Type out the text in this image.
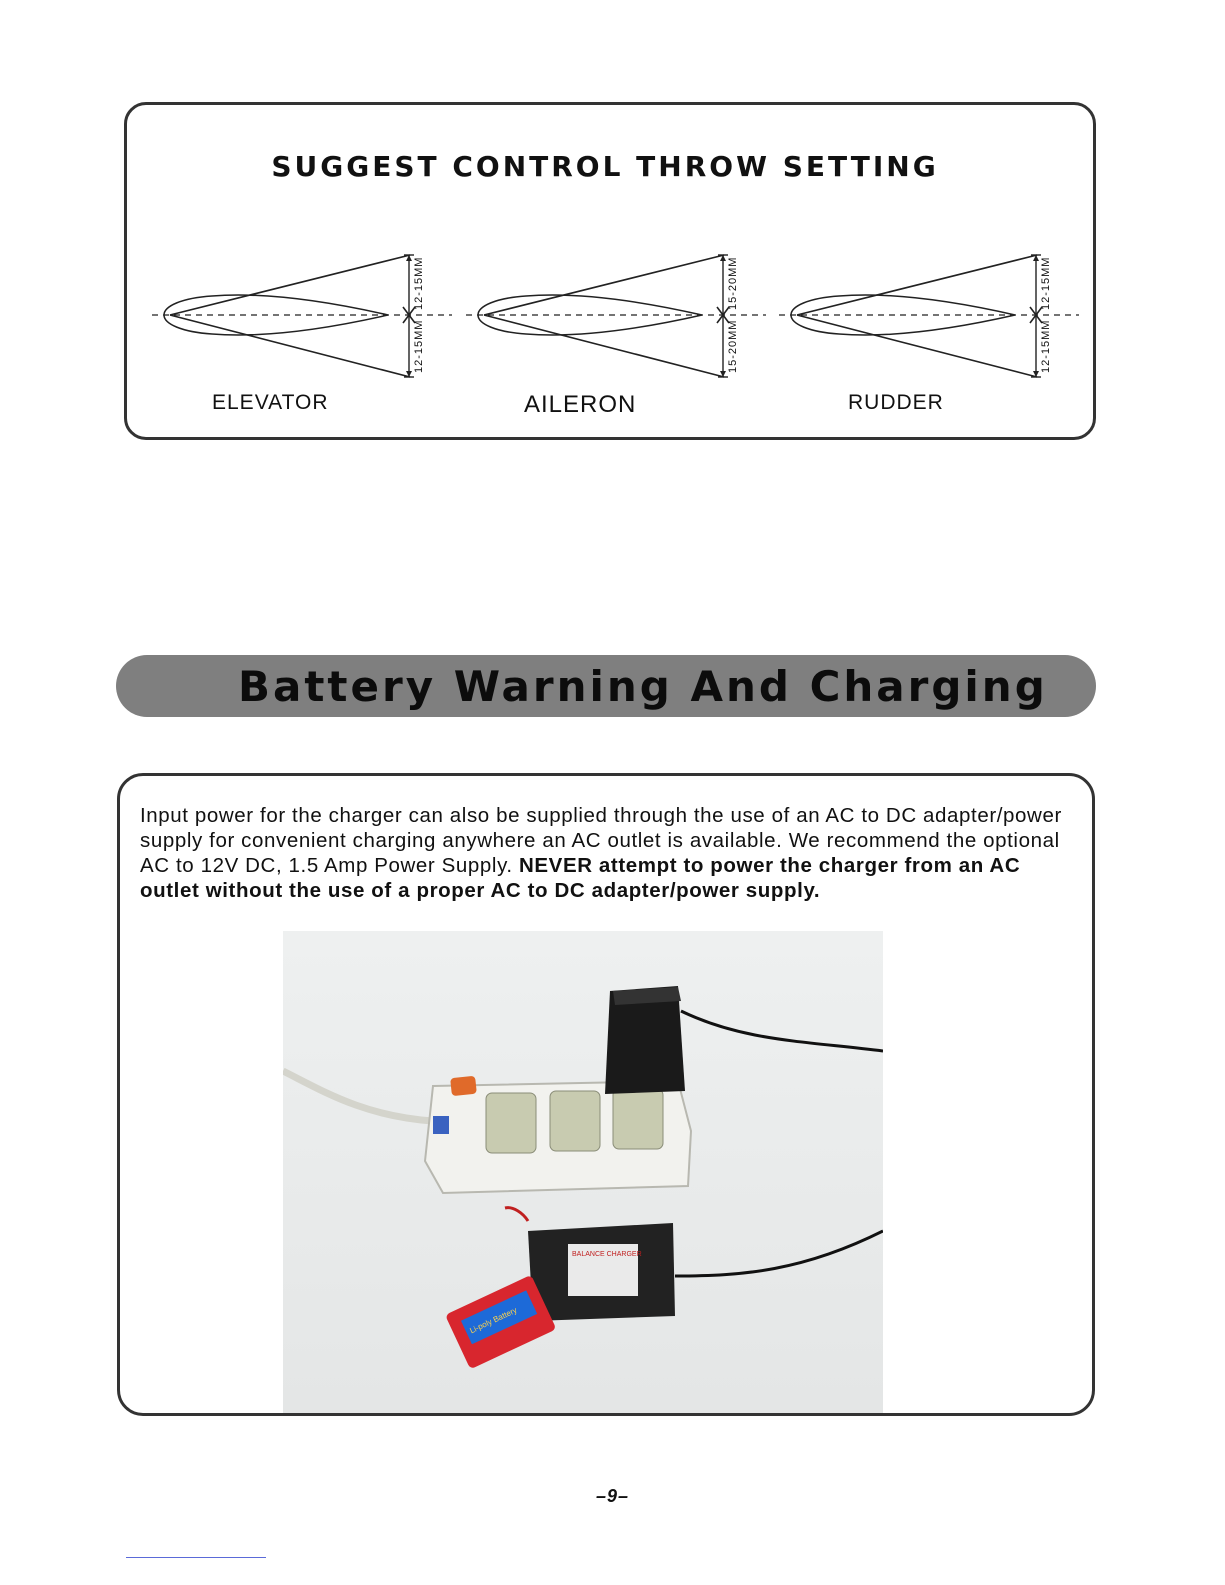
SUGGEST CONTROL THROW SETTING
12-15MM
12-15MM
15-20MM
15-20MM
12-15MM
12-15MM
ELEVATOR	AILERON	RUDDER
Battery Warning And Charging
Input power for the charger can also be supplied through the use of an AC to DC adapter/power supply for convenient charging anywhere an AC outlet is available. We recommend the optional AC to 12V DC, 1.5 Amp Power Supply. NEVER attempt to power the charger from an AC outlet without the use of a proper AC to DC adapter/power supply.
BALANCE CHARGER
Li-poly Battery
–9–
